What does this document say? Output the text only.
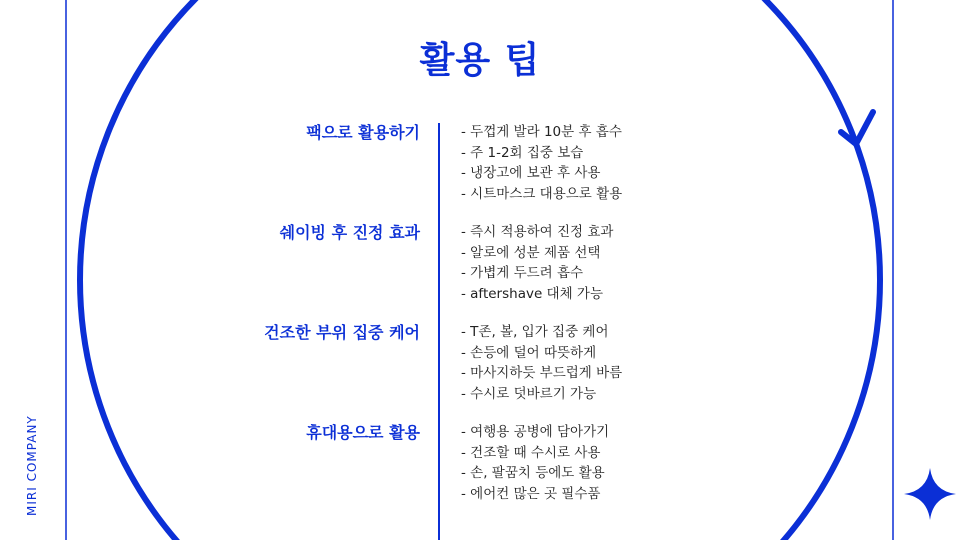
활용 팁
팩으로 활용하기	- 두껍게 발라 10분 후 흡수
- 주 1-2회 집중 보습
- 냉장고에 보관 후 사용
- 시트마스크 대용으로 활용
쉐이빙 후 진정 효과	- 즉시 적용하여 진정 효과
- 알로에 성분 제품 선택
- 가볍게 두드려 흡수
- aftershave 대체 가능
건조한 부위 집중 케어	- T존, 볼, 입가 집중 케어
- 손등에 덜어 따뜻하게
- 마사지하듯 부드럽게 바름
- 수시로 덧바르기 가능
휴대용으로 활용	- 여행용 공병에 담아가기
- 건조할 때 수시로 사용
- 손, 팔꿈치 등에도 활용
- 에어컨 많은 곳 필수품
MIRI COMPANY
